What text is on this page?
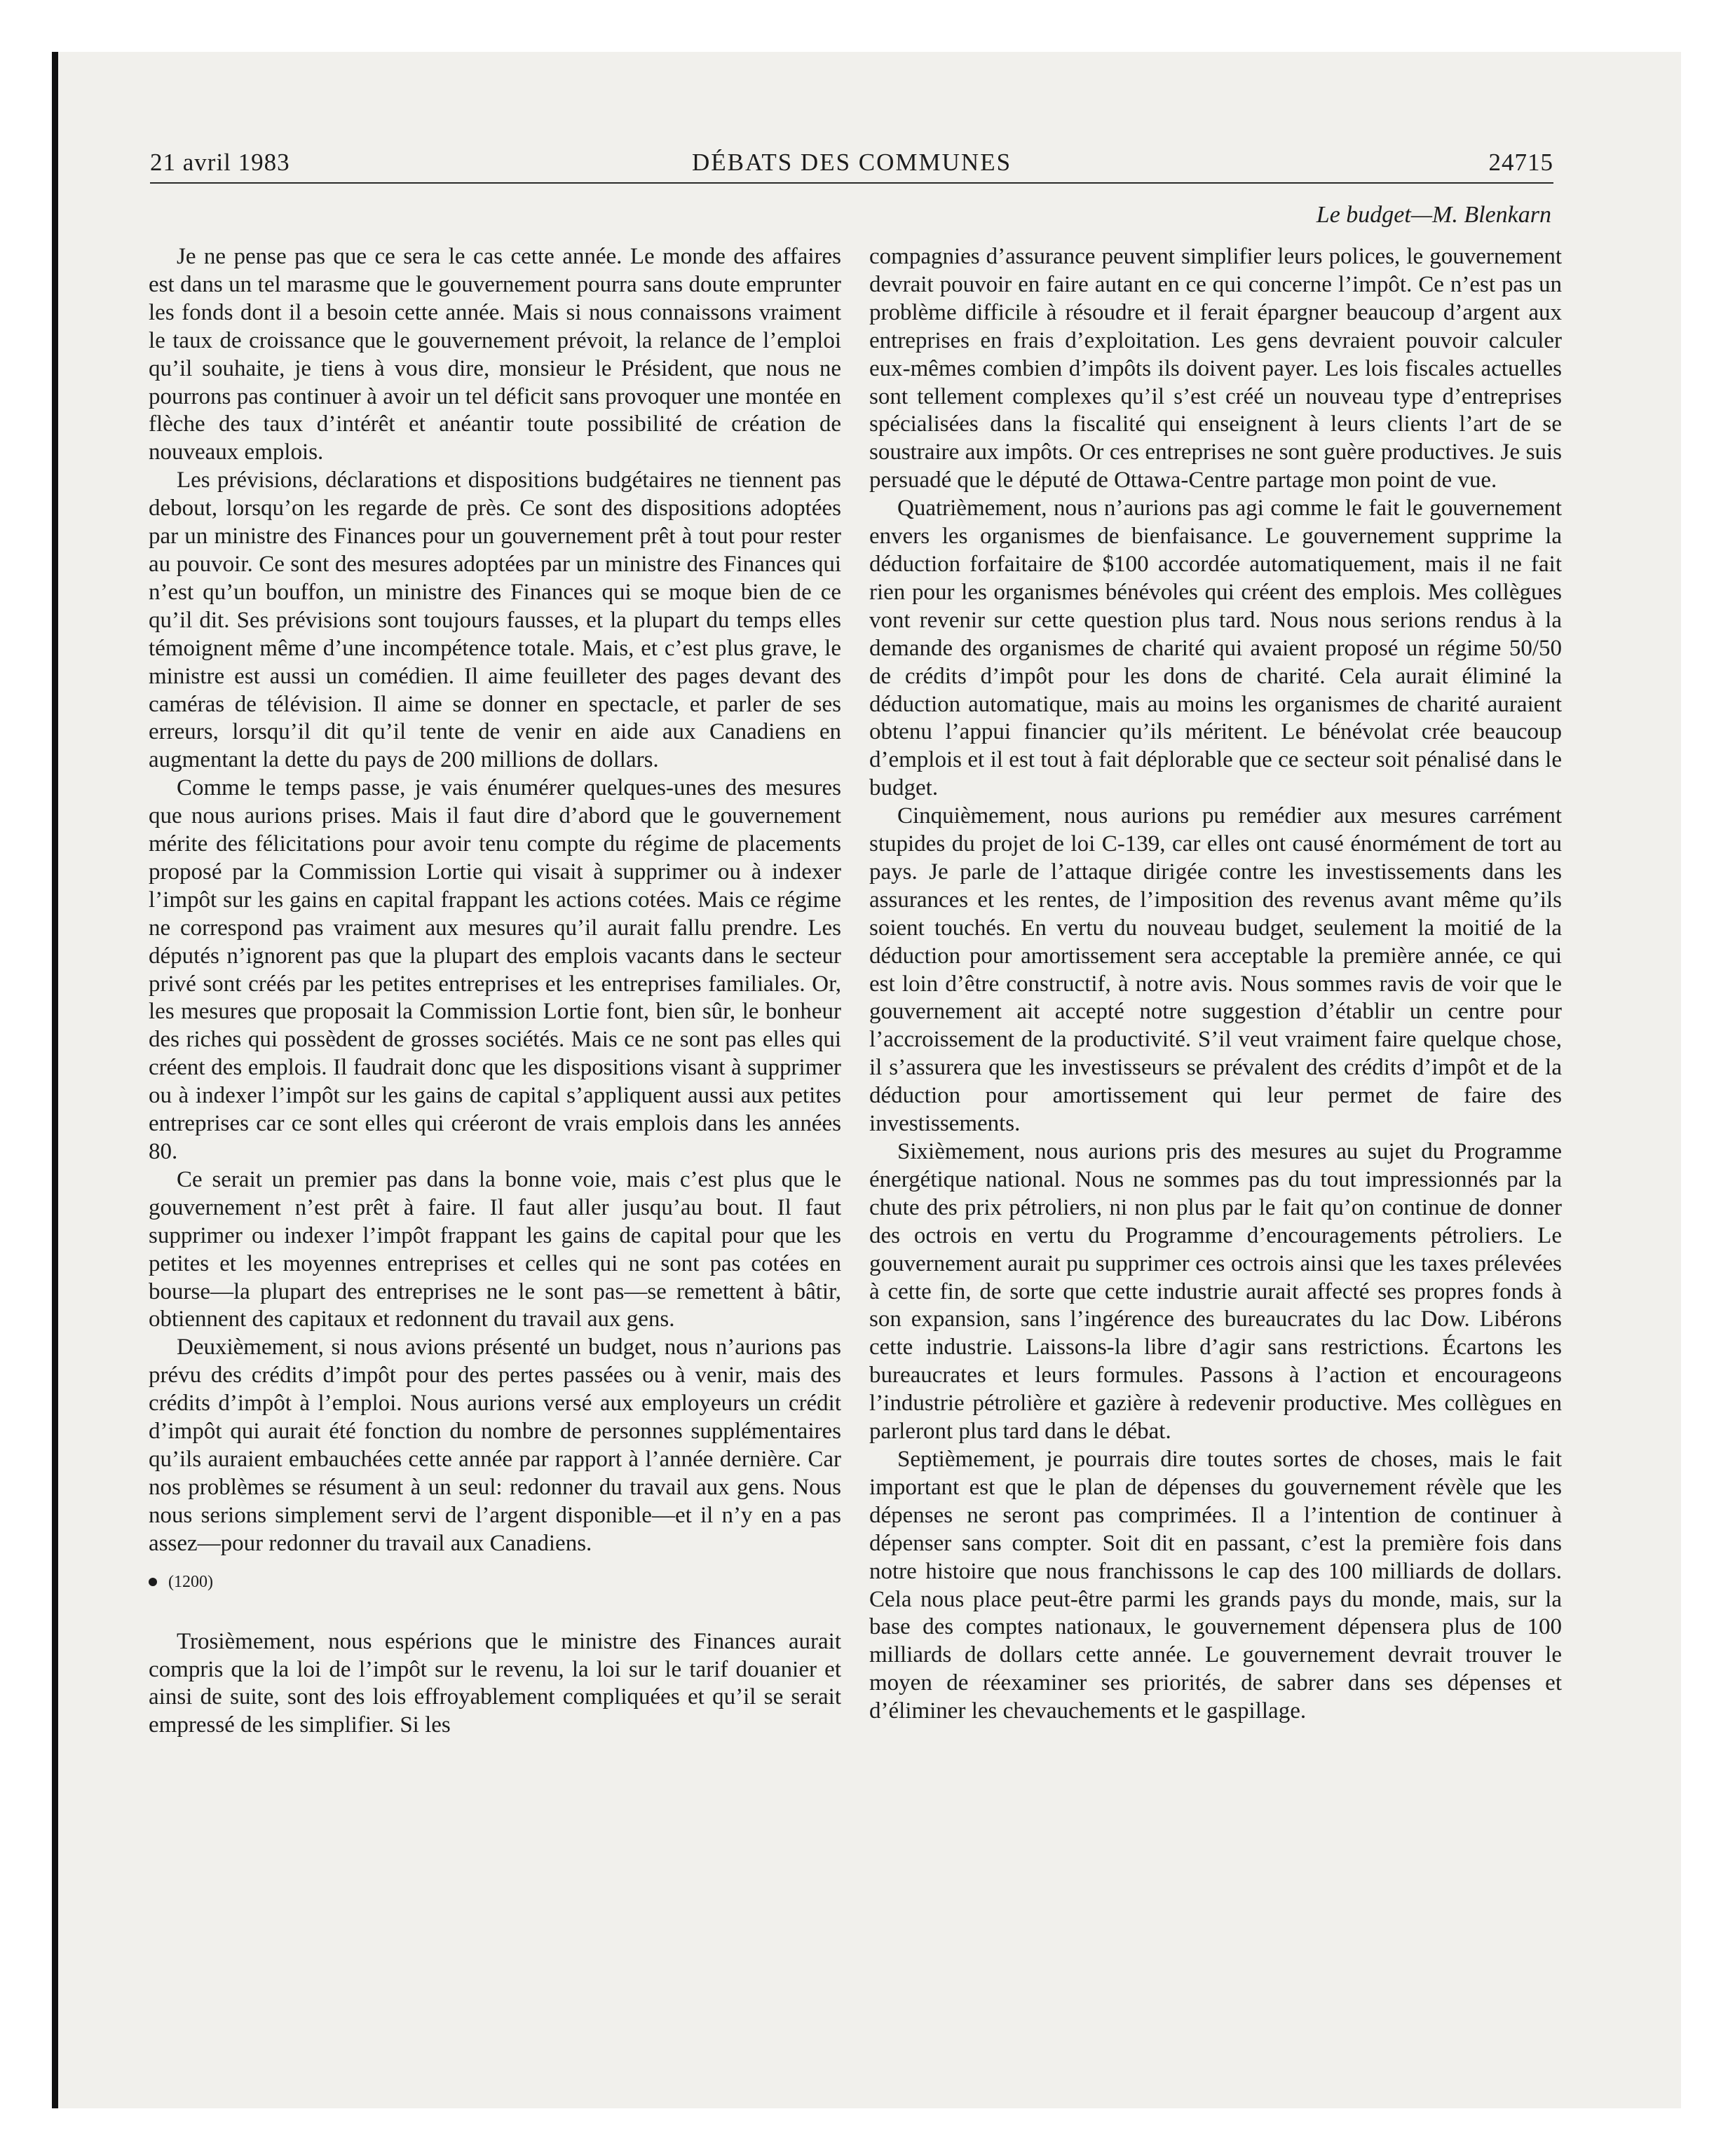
DÉBATS DES COMMUNES
21 avril 1983	24715
Le budget—M. Blenkarn

Je ne pense pas que ce sera le cas cette année. Le monde des affaires est dans un tel marasme que le gouvernement pourra sans doute emprunter les fonds dont il a besoin cette année. Mais si nous connaissons vraiment le taux de croissance que le gouvernement prévoit, la relance de l’emploi qu’il souhaite, je tiens à vous dire, monsieur le Président, que nous ne pourrons pas continuer à avoir un tel déficit sans provoquer une montée en flèche des taux d’intérêt et anéantir toute possibilité de création de nouveaux emplois.

Les prévisions, déclarations et dispositions budgétaires ne tiennent pas debout, lorsqu’on les regarde de près. Ce sont des dispositions adoptées par un ministre des Finances pour un gouvernement prêt à tout pour rester au pouvoir. Ce sont des mesures adoptées par un ministre des Finances qui n’est qu’un bouffon, un ministre des Finances qui se moque bien de ce qu’il dit. Ses prévisions sont toujours fausses, et la plupart du temps elles témoignent même d’une incompétence totale. Mais, et c’est plus grave, le ministre est aussi un comédien. Il aime feuilleter des pages devant des caméras de télévision. Il aime se donner en spectacle, et parler de ses erreurs, lorsqu’il dit qu’il tente de venir en aide aux Canadiens en augmentant la dette du pays de 200 millions de dollars.

Comme le temps passe, je vais énumérer quelques-unes des mesures que nous aurions prises. Mais il faut dire d’abord que le gouvernement mérite des félicitations pour avoir tenu compte du régime de placements proposé par la Commission Lortie qui visait à supprimer ou à indexer l’impôt sur les gains en capital frappant les actions cotées. Mais ce régime ne correspond pas vraiment aux mesures qu’il aurait fallu prendre. Les députés n’ignorent pas que la plupart des emplois vacants dans le secteur privé sont créés par les petites entreprises et les entreprises familiales. Or, les mesures que proposait la Commission Lortie font, bien sûr, le bonheur des riches qui possèdent de grosses sociétés. Mais ce ne sont pas elles qui créent des emplois. Il faudrait donc que les dispositions visant à supprimer ou à indexer l’impôt sur les gains de capital s’appliquent aussi aux petites entreprises car ce sont elles qui créeront de vrais emplois dans les années 80.

Ce serait un premier pas dans la bonne voie, mais c’est plus que le gouvernement n’est prêt à faire. Il faut aller jusqu’au bout. Il faut supprimer ou indexer l’impôt frappant les gains de capital pour que les petites et les moyennes entreprises et celles qui ne sont pas cotées en bourse—la plupart des entreprises ne le sont pas—se remettent à bâtir, obtiennent des capitaux et redonnent du travail aux gens.

Deuxièmement, si nous avions présenté un budget, nous n’aurions pas prévu des crédits d’impôt pour des pertes passées ou à venir, mais des crédits d’impôt à l’emploi. Nous aurions versé aux employeurs un crédit d’impôt qui aurait été fonction du nombre de personnes supplémentaires qu’ils auraient embauchées cette année par rapport à l’année dernière. Car nos problèmes se résument à un seul: redonner du travail aux gens. Nous nous serions simplement servi de l’argent disponible—et il n’y en a pas assez—pour redonner du travail aux Canadiens.

(1200)

Trosièmement, nous espérions que le ministre des Finances aurait compris que la loi de l’impôt sur le revenu, la loi sur le tarif douanier et ainsi de suite, sont des lois effroyablement compliquées et qu’il se serait empressé de les simplifier. Si les

compagnies d’assurance peuvent simplifier leurs polices, le gouvernement devrait pouvoir en faire autant en ce qui concerne l’impôt. Ce n’est pas un problème difficile à résoudre et il ferait épargner beaucoup d’argent aux entreprises en frais d’exploitation. Les gens devraient pouvoir calculer eux-mêmes combien d’impôts ils doivent payer. Les lois fiscales actuelles sont tellement complexes qu’il s’est créé un nouveau type d’entreprises spécialisées dans la fiscalité qui enseignent à leurs clients l’art de se soustraire aux impôts. Or ces entreprises ne sont guère productives. Je suis persuadé que le député de Ottawa-Centre partage mon point de vue.

Quatrièmement, nous n’aurions pas agi comme le fait le gouvernement envers les organismes de bienfaisance. Le gouvernement supprime la déduction forfaitaire de $100 accordée automatiquement, mais il ne fait rien pour les organismes bénévoles qui créent des emplois. Mes collègues vont revenir sur cette question plus tard. Nous nous serions rendus à la demande des organismes de charité qui avaient proposé un régime 50/50 de crédits d’impôt pour les dons de charité. Cela aurait éliminé la déduction automatique, mais au moins les organismes de charité auraient obtenu l’appui financier qu’ils méritent. Le bénévolat crée beaucoup d’emplois et il est tout à fait déplorable que ce secteur soit pénalisé dans le budget.

Cinquièmement, nous aurions pu remédier aux mesures carrément stupides du projet de loi C-139, car elles ont causé énormément de tort au pays. Je parle de l’attaque dirigée contre les investissements dans les assurances et les rentes, de l’imposition des revenus avant même qu’ils soient touchés. En vertu du nouveau budget, seulement la moitié de la déduction pour amortissement sera acceptable la première année, ce qui est loin d’être constructif, à notre avis. Nous sommes ravis de voir que le gouvernement ait accepté notre suggestion d’établir un centre pour l’accroissement de la productivité. S’il veut vraiment faire quelque chose, il s’assurera que les investisseurs se prévalent des crédits d’impôt et de la déduction pour amortissement qui leur permet de faire des investissements.

Sixièmement, nous aurions pris des mesures au sujet du Programme énergétique national. Nous ne sommes pas du tout impressionnés par la chute des prix pétroliers, ni non plus par le fait qu’on continue de donner des octrois en vertu du Programme d’encouragements pétroliers. Le gouvernement aurait pu supprimer ces octrois ainsi que les taxes prélevées à cette fin, de sorte que cette industrie aurait affecté ses propres fonds à son expansion, sans l’ingérence des bureaucrates du lac Dow. Libérons cette industrie. Laissons-la libre d’agir sans restrictions. Écartons les bureaucrates et leurs formules. Passons à l’action et encourageons l’industrie pétrolière et gazière à redevenir productive. Mes collègues en parleront plus tard dans le débat.

Septièmement, je pourrais dire toutes sortes de choses, mais le fait important est que le plan de dépenses du gouvernement révèle que les dépenses ne seront pas comprimées. Il a l’intention de continuer à dépenser sans compter. Soit dit en passant, c’est la première fois dans notre histoire que nous franchissons le cap des 100 milliards de dollars. Cela nous place peut-être parmi les grands pays du monde, mais, sur la base des comptes nationaux, le gouvernement dépensera plus de 100 milliards de dollars cette année. Le gouvernement devrait trouver le moyen de réexaminer ses priorités, de sabrer dans ses dépenses et d’éliminer les chevauchements et le gaspillage.
